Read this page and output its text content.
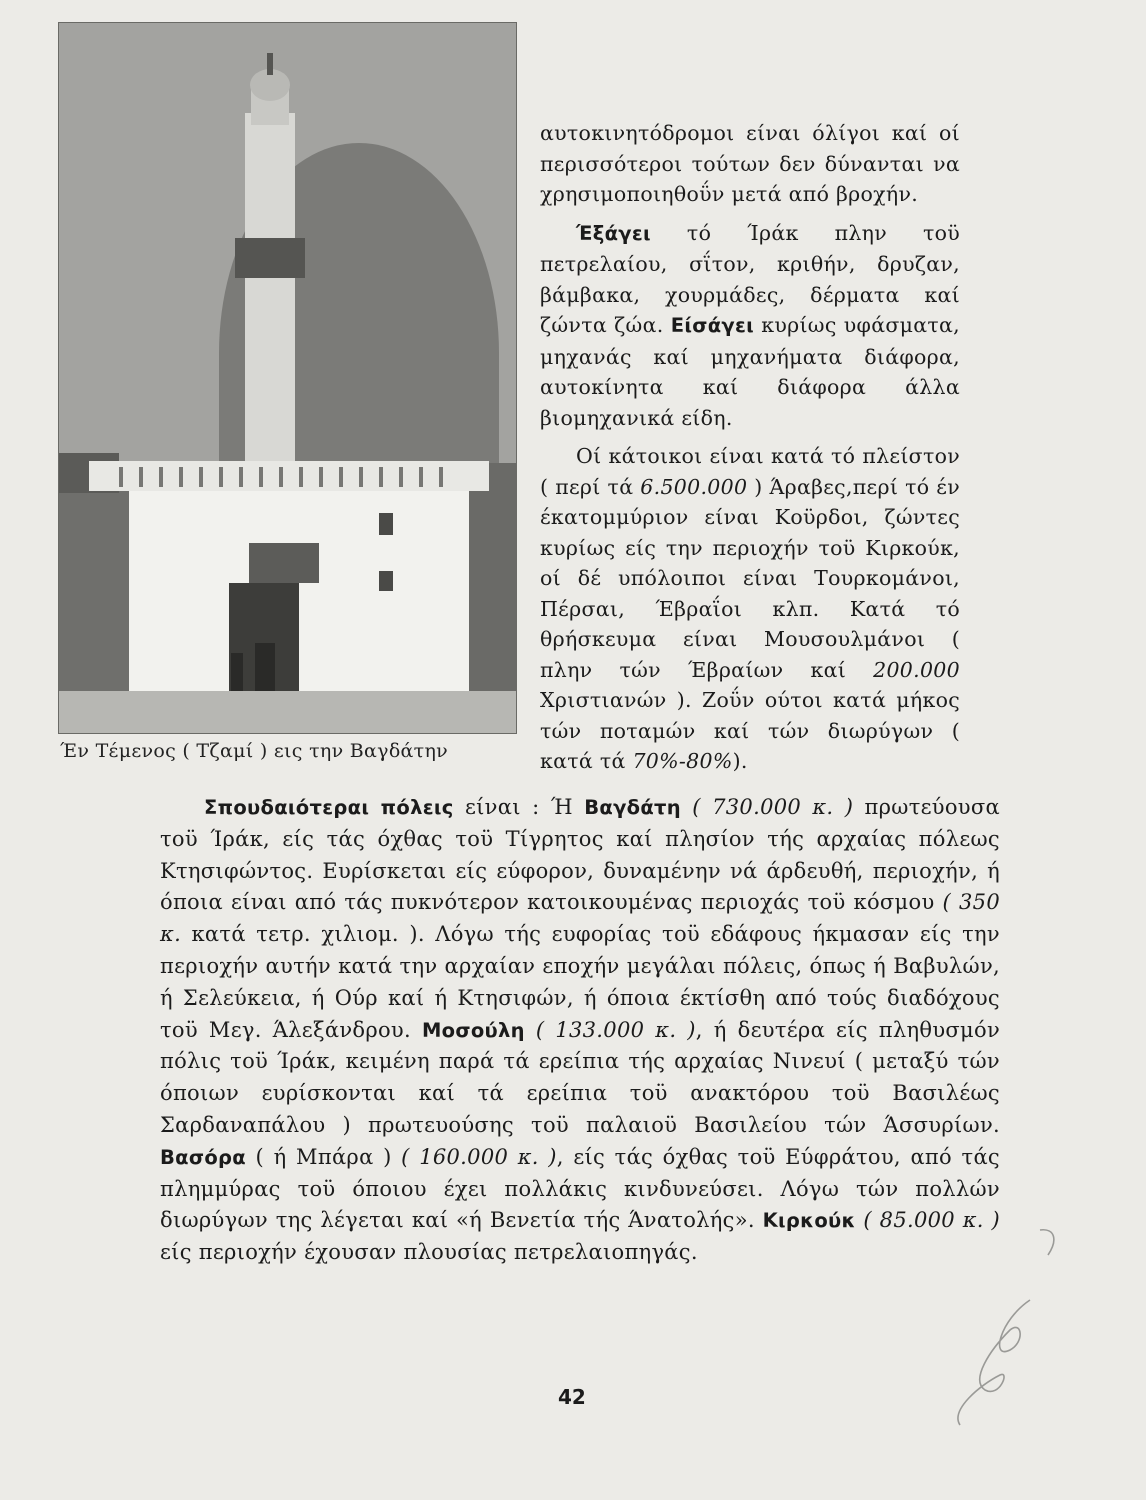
Έν Τέμενος ( Τζαμί ) εις την Βαγδάτην

αυτοκινητόδρομοι είναι όλίγοι καί οί περισσότεροι τούτων δεν δύνανται να χρησιμοποιηθοΰν μετά από βροχήν.

Έξάγει τό Ίράκ πλην τοϋ πετρελαίου, σΐτον, κριθήν, δρυζαν, βάμβακα, χουρμάδες, δέρματα καί ζώντα ζώα. Είσάγει κυρίως υφάσματα, μηχανάς καί μηχανήματα διάφορα, αυτοκίνητα καί διάφορα άλλα βιομηχανικά είδη.

Οί κάτοικοι είναι κατά τό πλείστον ( περί τά 6.500.000 ) Άραβες,περί τό έν έκατομμύριον είναι Κοϋρδοι, ζώντες κυρίως είς την περιοχήν τοϋ Κιρκούκ, οί δέ υπόλοιποι είναι Τουρκομάνοι, Πέρσαι, Έβραΐοι κλπ. Κατά τό θρήσκευμα είναι Μουσουλμάνοι ( πλην τών Έβραίων καί 200.000 Χριστιανών ). Ζοΰν ούτοι κατά μήκος τών ποταμών καί τών διωρύγων ( κατά τά 70%-80%).

Σπουδαιότεραι πόλεις είναι : Ή Βαγδάτη ( 730.000 κ. ) πρωτεύουσα τοϋ Ίράκ, είς τάς όχθας τοϋ Τίγρητος καί πλησίον τής αρχαίας πόλεως Κτησιφώντος. Ευρίσκεται είς εύφορον, δυναμένην νά άρδευθή, περιοχήν, ή όποια είναι από τάς πυκνότερον κατοικουμένας περιοχάς τοϋ κόσμου ( 350 κ. κατά τετρ. χιλιομ. ). Λόγω τής ευφορίας τοϋ εδάφους ήκμασαν είς την περιοχήν αυτήν κατά την αρχαίαν εποχήν μεγάλαι πόλεις, όπως ή Βαβυλών, ή Σελεύκεια, ή Ούρ καί ή Κτησιφών, ή όποια έκτίσθη από τούς διαδόχους τοϋ Μεγ. Άλεξάνδρου. Μοσούλη ( 133.000 κ. ), ή δευτέρα είς πληθυσμόν πόλις τοϋ Ίράκ, κειμένη παρά τά ερείπια τής αρχαίας Νινευί ( μεταξύ τών όποιων ευρίσκονται καί τά ερείπια τοϋ ανακτόρου τοϋ Βασιλέως Σαρδαναπάλου ) πρωτευούσης τοϋ παλαιοϋ Βασιλείου τών Άσσυρίων. Βασόρα ( ή Μπάρα ) ( 160.000 κ. ), είς τάς όχθας τοϋ Εύφράτου, από τάς πλημμύρας τοϋ όποιου έχει πολλάκις κινδυνεύσει. Λόγω τών πολλών διωρύγων της λέγεται καί «ή Βενετία τής Άνατολής». Κιρκούκ ( 85.000 κ. ) είς περιοχήν έχουσαν πλουσίας πετρελαιοπηγάς.

42
